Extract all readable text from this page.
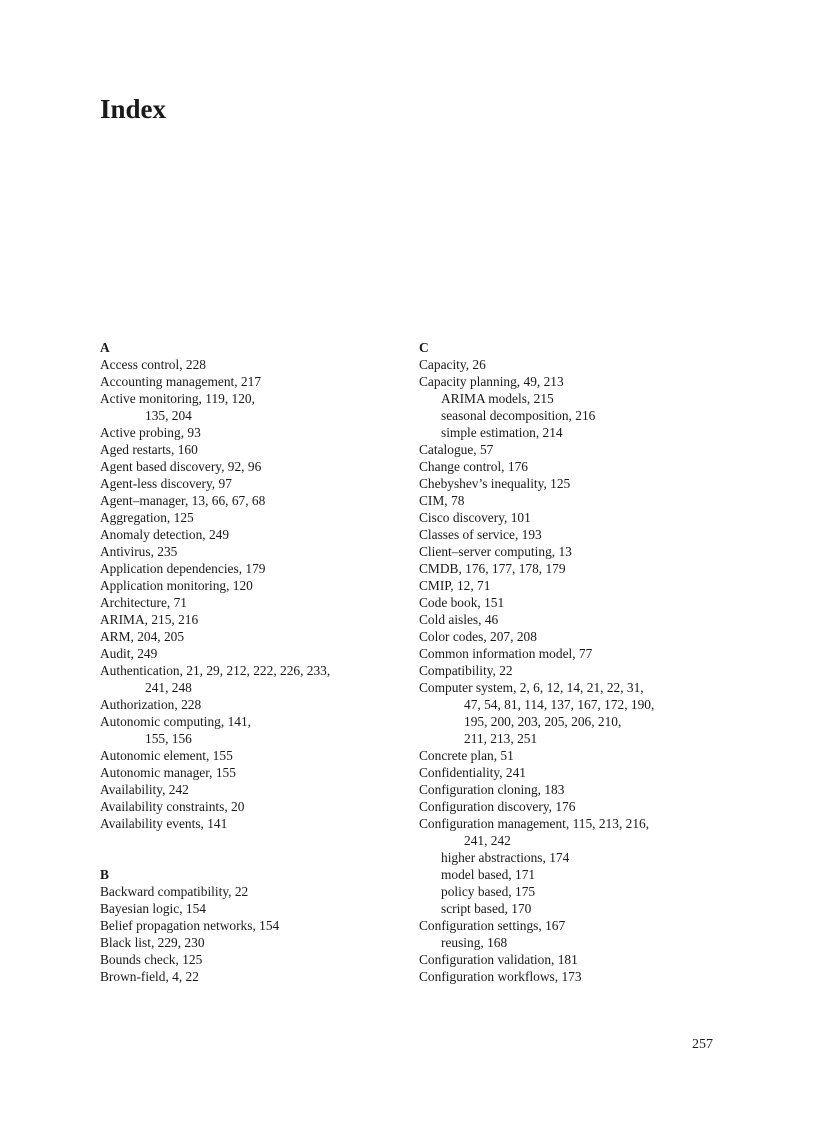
Index
A
Access control, 228
Accounting management, 217
Active monitoring, 119, 120,
135, 204
Active probing, 93
Aged restarts, 160
Agent based discovery, 92, 96
Agent-less discovery, 97
Agent–manager, 13, 66, 67, 68
Aggregation, 125
Anomaly detection, 249
Antivirus, 235
Application dependencies, 179
Application monitoring, 120
Architecture, 71
ARIMA, 215, 216
ARM, 204, 205
Audit, 249
Authentication, 21, 29, 212, 222, 226, 233,
241, 248
Authorization, 228
Autonomic computing, 141,
155, 156
Autonomic element, 155
Autonomic manager, 155
Availability, 242
Availability constraints, 20
Availability events, 141
B
Backward compatibility, 22
Bayesian logic, 154
Belief propagation networks, 154
Black list, 229, 230
Bounds check, 125
Brown-field, 4, 22
C
Capacity, 26
Capacity planning, 49, 213
ARIMA models, 215
seasonal decomposition, 216
simple estimation, 214
Catalogue, 57
Change control, 176
Chebyshev’s inequality, 125
CIM, 78
Cisco discovery, 101
Classes of service, 193
Client–server computing, 13
CMDB, 176, 177, 178, 179
CMIP, 12, 71
Code book, 151
Cold aisles, 46
Color codes, 207, 208
Common information model, 77
Compatibility, 22
Computer system, 2, 6, 12, 14, 21, 22, 31,
47, 54, 81, 114, 137, 167, 172, 190,
195, 200, 203, 205, 206, 210,
211, 213, 251
Concrete plan, 51
Confidentiality, 241
Configuration cloning, 183
Configuration discovery, 176
Configuration management, 115, 213, 216,
241, 242
higher abstractions, 174
model based, 171
policy based, 175
script based, 170
Configuration settings, 167
reusing, 168
Configuration validation, 181
Configuration workflows, 173
257
